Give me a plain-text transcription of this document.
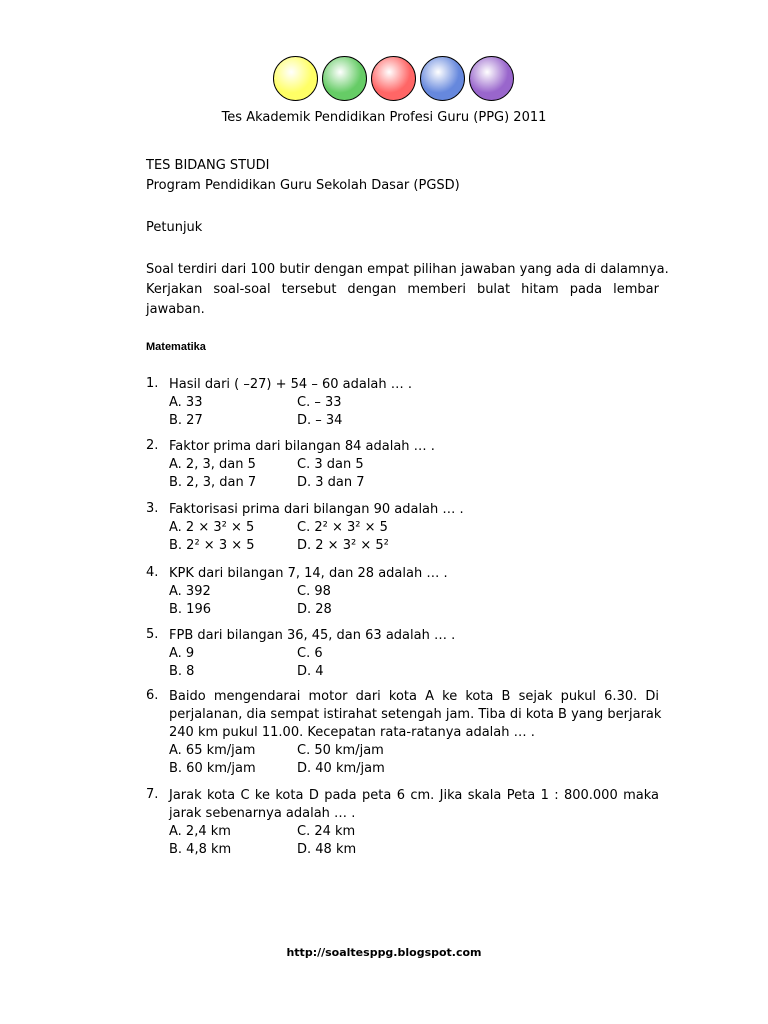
Tes Akademik Pendidikan Profesi Guru (PPG) 2011
TES BIDANG STUDI
Program Pendidikan Guru Sekolah Dasar (PGSD)
Petunjuk
Soal terdiri dari 100 butir dengan empat pilihan jawaban yang ada di dalamnya.
Kerjakan soal-soal tersebut dengan memberi bulat hitam pada lembar
jawaban.
Matematika
1. Hasil dari ( –27) + 54 – 60 adalah … .
A. 33	C. – 33
B. 27	D. – 34
2. Faktor prima dari bilangan 84 adalah … .
A. 2, 3, dan 5	C. 3 dan 5
B. 2, 3, dan 7	D. 3 dan 7
3. Faktorisasi prima dari bilangan 90 adalah … .
A. 2 × 3² × 5	C. 2² × 3² × 5
B. 2² × 3 × 5	D. 2 × 3² × 5²
4. KPK dari bilangan 7, 14, dan 28 adalah … .
A. 392	C. 98
B. 196	D. 28
5. FPB dari bilangan 36, 45, dan 63 adalah … .
A. 9	C. 6
B. 8	D. 4
6. Baido mengendarai motor dari kota A ke kota B sejak pukul 6.30. Di
perjalanan, dia sempat istirahat setengah jam. Tiba di kota B yang berjarak
240 km pukul 11.00. Kecepatan rata-ratanya adalah … .
A. 65 km/jam	C. 50 km/jam
B. 60 km/jam	D. 40 km/jam
7. Jarak kota C ke kota D pada peta 6 cm. Jika skala Peta 1 : 800.000 maka
jarak sebenarnya adalah … .
A. 2,4 km	C. 24 km
B. 4,8 km	D. 48 km
http://soaltesppg.blogspot.com
